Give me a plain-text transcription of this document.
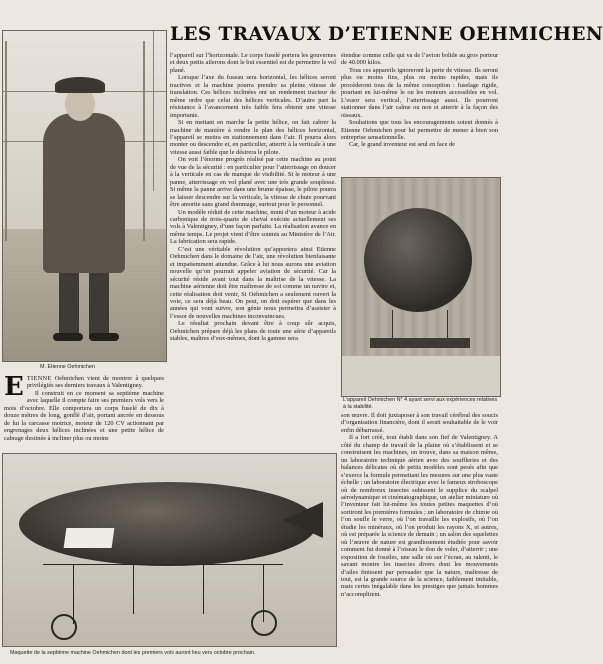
LES TRAVAUX D’ETIENNE OEHMICHEN
M. Etienne Oehmichen

ETIENNE Oehmichen vient de montrer à quelques privilégiés ses derniers travaux à Valentigney.

Il construit en ce moment sa septième machine avec laquelle il compte faire ses premiers vols vers le mois d’octobre. Elle comportera un corps fuselé de dix à douze mètres de long, gonflé d’air, portant ancrée en dessous de lui la carcasse motrice, moteur de 120 CV actionnant par engrenages deux hélices inclinées et une petite hélice de cabrage destinée à incliner plus ou moins

l’appareil sur l’horizontale. Le corps fuselé portera les gouvernes et deux petits ailerons dont le but essentiel est de permettre le vol plané.

Lorsque l’axe du fuseau sera horizontal, les hélices seront tractives et la machine pourra prendre sa pleine vitesse de translation. Ces hélices inclinées ont un rendement tracteur de même ordre que celui des hélices verticales. D’autre part la résistance à l’avancement très faible fera obtenir une vitesse importante.

Si en mettant en marche la petite hélice, on fait cabrer la machine de manière à rendre le plan des hélices horizontal, l’appareil se mettra en stationnement dans l’air. Il pourra alors monter ou descendre et, en particulier, atterrir à la verticale à une vitesse aussi faible que le désirera le pilote.

On voit l’énorme progrès réalisé par cette machine au point de vue de la sécurité : en particulier pour l’atterrissage on doucer à la verticale en cas de manque de visibilité. Si le moteur à une panne, atterrissage en vol plané avec une très grande souplesse. Si même la panne arrive dans une brume épaisse, le pilote pourra se laisser descendre sur la verticale, la vitesse de chute pourvant être amortie sans grand dommage, surtout pour le personnel.

Un modèle réduit de cette machine, muni d’un moteur à acide carbonique de trois-quarts de cheval exécute actuellement ses vols à Valentigney, d’une façon parfaite. La réalisation avance en même temps. Le projet vient d’être soumis au Ministère de l’Air. La fabrication sera rapide.

C’est une véritable révolution qu’apportera ainsi Etienne Oehmichen dans le domaine de l’air, une révolution bienfaisante et impatiemment attendue. Grâce à lui nous aurons une aviation nouvelle qu’on pourrait appeler aviation de sécurité. Car la sécurité réside avant tout dans la maîtrise de la vitesse. La machine aérienne doit être maîtresse de soi comme un navire et, cette réalisation doit venir, Si Oehmichen a seulement ouvert la voie, ce sera déjà beau. On peut, on doit espérer que dans les années qui vont suivre, son génie nous permettra d’assister à l’essor de nouvelles machines inconvaincues.

Le résultat prochain devant être à coup sûr acquis, Oehmichen prépare déjà les plans de toute une série d’appareils stables, maîtres d’eux-mêmes, dont la gamme sera

étendue comme celle qui va de l’avion bolide au gros porteur de 40.000 kilos.

Tous ces appareils ignoreront la perte de vitesse. Ils seront plus ou moins fins, plus ou moins rapides, mais ils procèderont tous de la même conception : fuselage rigide, pourtant en lui-même le ou les moteurs accessibles en vol. L’essor sera vertical, l’atterrissage aussi. Ils pourront stationner dans l’air calme ou non et atterrir à la façon des oiseaux.

Souhaitons que tous les encouragements soient donnés à Etienne Oehmichen pour lui permettre de mener à bien son entreprise sensationnelle.

Car, le grand inventeur est seul en face de

L’appareil Oehmichen N° 4 ayant servi aux expériences relatives à la stabilité.

son œuvre. Il doit juxtaposer à son travail cérébral des soucis d’organisation financière, dont il serait souhaitable de le voir enfin débarrassé.

Il a fort créé, tout établi dans son fief de Valentigney. A côté du champ de travail de la plaine où s’établissent et se construisent les machines, on trouve, dans sa maison même, un laboratoire technique aérien avec des souffleries et des balances délicates où de petits modèles sont pesés afin que s’exerce la formule permettant les mesures sur une plus vaste échelle ; un laboratoire électrique avec le fameux stroboscope où de nombreux insectes subissent le supplice du scalpel aérodynamique et cinématographique, un atelier miniature où l’inventeur fait lui-même les toutes petites maquettes d’où sortiront les premières formules ; un laboratoire de chimie où l’on soufle le verre, où l’on travaille les explosifs, où l’on étudie les minéraux, où l’on produit les rayons X, et autres, où est préparée la science de demain ; un salon des squelettes où l’œuvre de nature est grandiosement étudiée pour savoir comment fut donné à l’oiseau le don de voler, d’atterrir ; une exposition de fossiles, une salle où sur l’écran, au ralenti, le savant montre les insectes divers dont les mouvements d’ailes finissent par persuader que la nature, maîtresse de tout, est la grande source de la science, faiblement imitable, mais certes inégalable dans les prestiges que jamais hommes n’accomplirent.

Maquette de la septième machine Oehmichen dont les premiers vols auront lieu vers octobre prochain.
